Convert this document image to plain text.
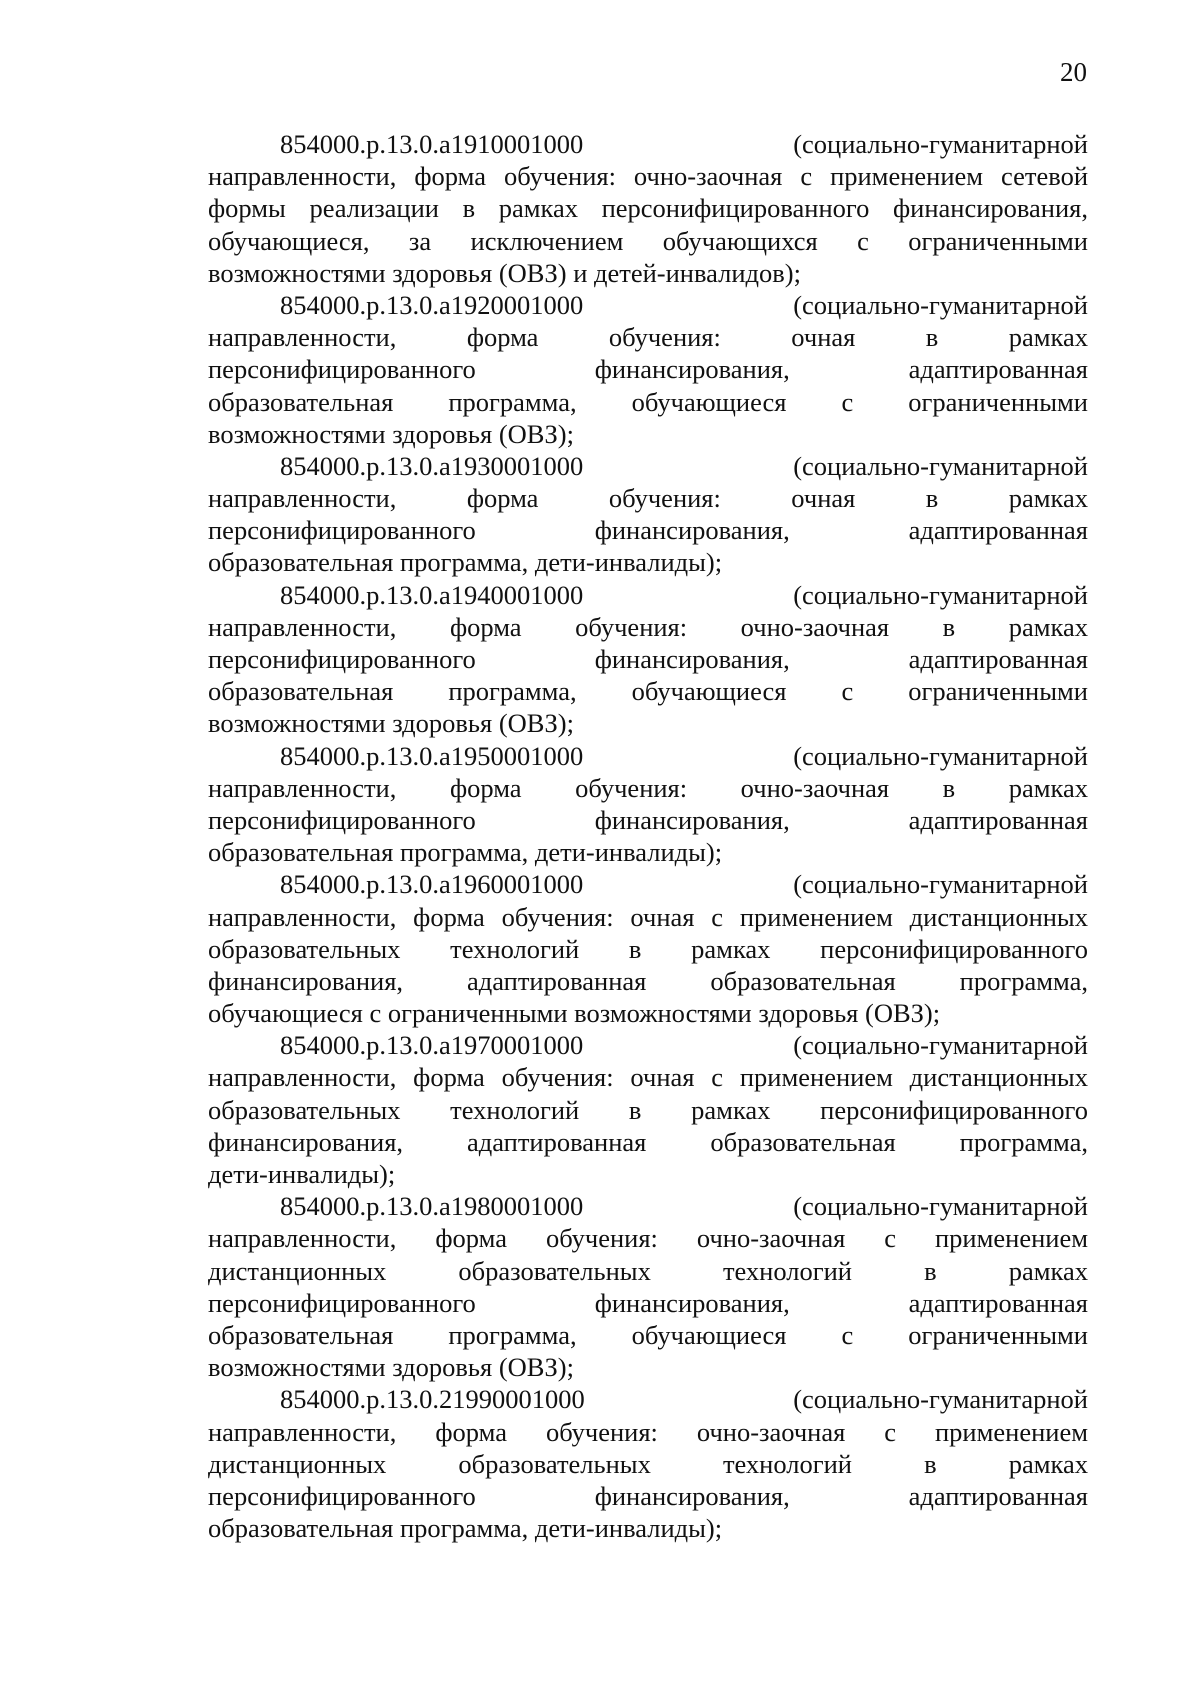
20
854000.р.13.0.а1910001000	(социально-гуманитарной
направленности, форма обучения: очно-заочная с применением сетевой
формы реализации в рамках персонифицированного финансирования,
обучающиеся, за исключением обучающихся с ограниченными
возможностями здоровья (ОВЗ) и детей-инвалидов);
854000.р.13.0.а1920001000	(социально-гуманитарной
направленности,	форма	обучения:	очная	в	рамках
персонифицированного	финансирования,	адаптированная
образовательная программа, обучающиеся с ограниченными
возможностями здоровья (ОВЗ);
854000.р.13.0.а1930001000	(социально-гуманитарной
направленности,	форма	обучения:	очная	в	рамках
персонифицированного	финансирования,	адаптированная
образовательная программа, дети-инвалиды);
854000.р.13.0.а1940001000	(социально-гуманитарной
направленности, форма обучения: очно-заочная в рамках
персонифицированного	финансирования,	адаптированная
образовательная программа, обучающиеся с ограниченными
возможностями здоровья (ОВЗ);
854000.р.13.0.а1950001000	(социально-гуманитарной
направленности, форма обучения: очно-заочная в рамках
персонифицированного	финансирования,	адаптированная
образовательная программа, дети-инвалиды);
854000.р.13.0.а1960001000	(социально-гуманитарной
направленности, форма обучения: очная с применением дистанционных
образовательных технологий в рамках персонифицированного
финансирования, адаптированная образовательная программа,
обучающиеся с ограниченными возможностями здоровья (ОВЗ);
854000.р.13.0.а1970001000	(социально-гуманитарной
направленности, форма обучения: очная с применением дистанционных
образовательных технологий в рамках персонифицированного
финансирования, адаптированная образовательная программа,
дети-инвалиды);
854000.р.13.0.а1980001000	(социально-гуманитарной
направленности, форма обучения: очно-заочная с применением
дистанционных	образовательных	технологий	в	рамках
персонифицированного	финансирования,	адаптированная
образовательная программа, обучающиеся с ограниченными
возможностями здоровья (ОВЗ);
854000.р.13.0.21990001000	(социально-гуманитарной
направленности, форма обучения: очно-заочная с применением
дистанционных	образовательных	технологий	в	рамках
персонифицированного	финансирования,	адаптированная
образовательная программа, дети-инвалиды);
